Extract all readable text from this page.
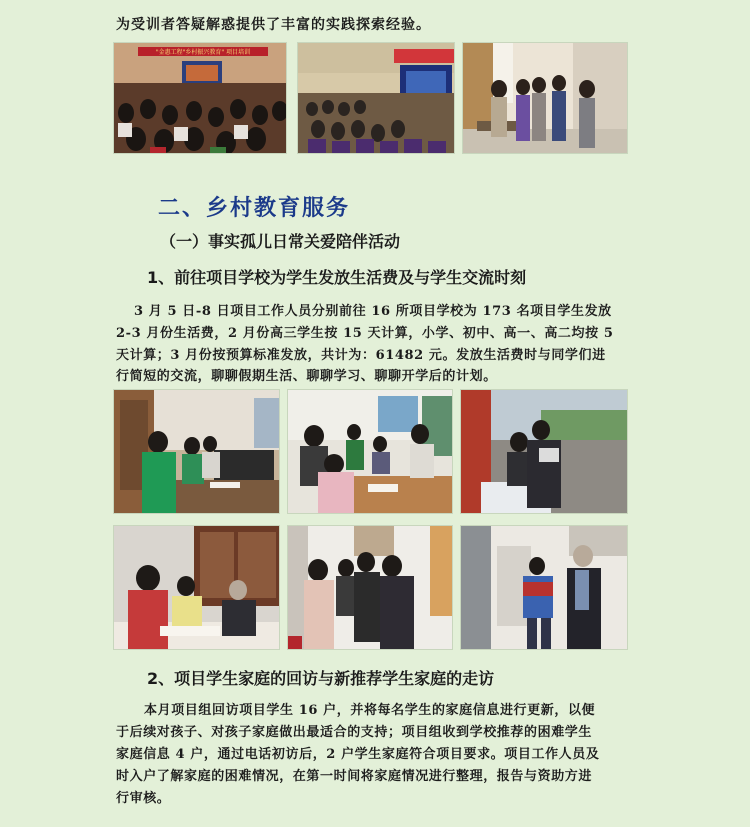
为受训者答疑解惑提供了丰富的实践探索经验。
"金惠工程"乡村振兴教育" 项目培训
二、乡村教育服务
（一）事实孤儿日常关爱陪伴活动
1、前往项目学校为学生发放生活费及与学生交流时刻
3 月 5 日-8 日项目工作人员分别前往 16 所项目学校为 173 名项目学生发放
2-3 月份生活费，2 月份高三学生按 15 天计算，小学、初中、高一、高二均按 5
天计算；3 月份按预算标准发放，共计为：61482 元。发放生活费时与同学们进
行简短的交流，聊聊假期生活、聊聊学习、聊聊开学后的计划。
2、项目学生家庭的回访与新推荐学生家庭的走访
本月项目组回访项目学生 16 户，并将每名学生的家庭信息进行更新，以便
于后续对孩子、对孩子家庭做出最适合的支持；项目组收到学校推荐的困难学生
家庭信息 4 户，通过电话初访后，2 户学生家庭符合项目要求。项目工作人员及
时入户了解家庭的困难情况，在第一时间将家庭情况进行整理，报告与资助方进
行审核。
